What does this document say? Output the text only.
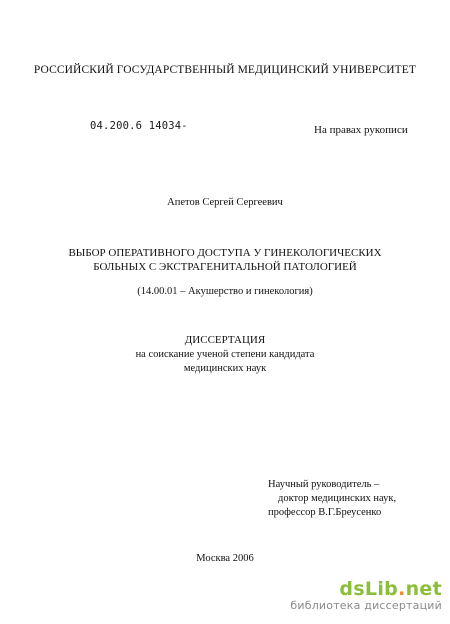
РОССИЙСКИЙ ГОСУДАРСТВЕННЫЙ МЕДИЦИНСКИЙ УНИВЕРСИТЕТ
04.200.6 14034-	На правах рукописи
Апетов Сергей Сергеевич
ВЫБОР ОПЕРАТИВНОГО ДОСТУПА У ГИНЕКОЛОГИЧЕСКИХ
БОЛЬНЫХ С ЭКСТРАГЕНИТАЛЬНОЙ ПАТОЛОГИЕЙ
(14.00.01 – Акушерство и гинекология)
ДИССЕРТАЦИЯ
на соискание ученой степени кандидата
медицинских наук
Научный руководитель –
доктор медицинских наук,
профессор В.Г.Бреусенко
Москва 2006
dsLib.net
библиотека диссертаций
